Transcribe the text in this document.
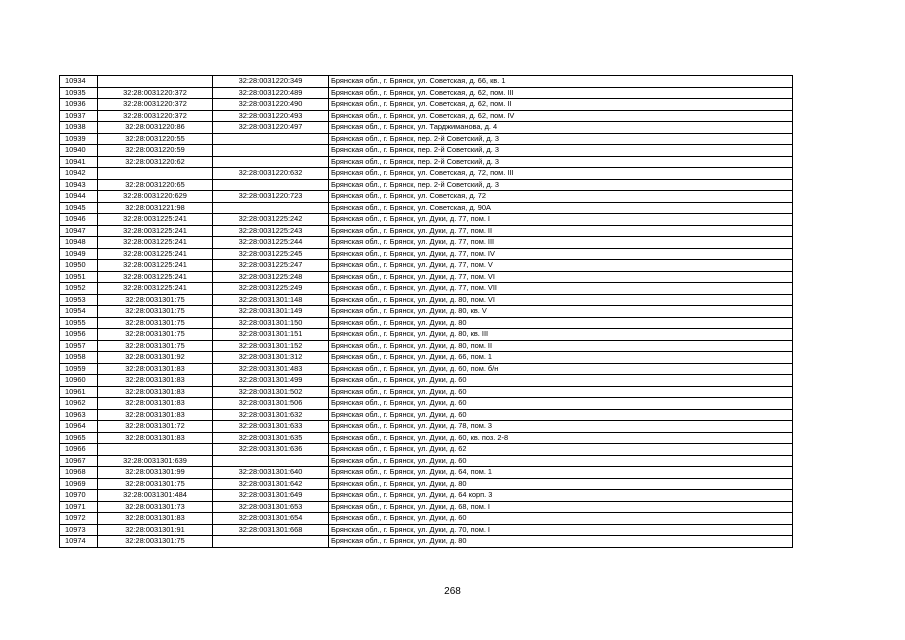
10934		32:28:0031220:349	Брянская обл., г. Брянск, ул. Советская, д. 66, кв. 1
10935	32:28:0031220:372	32:28:0031220:489	Брянская обл., г. Брянск, ул. Советская, д. 62, пом. III
10936	32:28:0031220:372	32:28:0031220:490	Брянская обл., г. Брянск, ул. Советская, д. 62, пом. II
10937	32:28:0031220:372	32:28:0031220:493	Брянская обл., г. Брянск, ул. Советская, д. 62, пом. IV
10938	32:28:0031220:86	32:28:0031220:497	Брянская обл., г. Брянск, ул. Тарджиманова, д. 4
10939	32:28:0031220:55		Брянская обл., г. Брянск, пер. 2-й Советский, д. 3
10940	32:28:0031220:59		Брянская обл., г. Брянск, пер. 2-й Советский, д. 3
10941	32:28:0031220:62		Брянская обл., г. Брянск, пер. 2-й Советский, д. 3
10942		32:28:0031220:632	Брянская обл., г. Брянск, ул. Советская, д. 72, пом. III
10943	32:28:0031220:65		Брянская обл., г. Брянск, пер. 2-й Советский, д. 3
10944	32:28:0031220:629	32:28:0031220:723	Брянская обл., г. Брянск, ул. Советская, д. 72
10945	32:28:0031221:98		Брянская обл., г. Брянск, ул. Советская, д. 90А
10946	32:28:0031225:241	32:28:0031225:242	Брянская обл., г. Брянск, ул. Дуки, д. 77, пом. I
10947	32:28:0031225:241	32:28:0031225:243	Брянская обл., г. Брянск, ул. Дуки, д. 77, пом. II
10948	32:28:0031225:241	32:28:0031225:244	Брянская обл., г. Брянск, ул. Дуки, д. 77, пом. III
10949	32:28:0031225:241	32:28:0031225:245	Брянская обл., г. Брянск, ул. Дуки, д. 77, пом. IV
10950	32:28:0031225:241	32:28:0031225:247	Брянская обл., г. Брянск, ул. Дуки, д. 77, пом. V
10951	32:28:0031225:241	32:28:0031225:248	Брянская обл., г. Брянск, ул. Дуки, д. 77, пом. VI
10952	32:28:0031225:241	32:28:0031225:249	Брянская обл., г. Брянск, ул. Дуки, д. 77, пом. VII
10953	32:28:0031301:75	32:28:0031301:148	Брянская обл., г. Брянск, ул. Дуки, д. 80, пом. VI
10954	32:28:0031301:75	32:28:0031301:149	Брянская обл., г. Брянск, ул. Дуки, д. 80, кв. V
10955	32:28:0031301:75	32:28:0031301:150	Брянская обл., г. Брянск, ул. Дуки, д. 80
10956	32:28:0031301:75	32:28:0031301:151	Брянская обл., г. Брянск, ул. Дуки, д. 80, кв. III
10957	32:28:0031301:75	32:28:0031301:152	Брянская обл., г. Брянск, ул. Дуки, д. 80, пом. II
10958	32:28:0031301:92	32:28:0031301:312	Брянская обл., г. Брянск, ул. Дуки, д. 66, пом. 1
10959	32:28:0031301:83	32:28:0031301:483	Брянская обл., г. Брянск, ул. Дуки, д. 60, пом. б/н
10960	32:28:0031301:83	32:28:0031301:499	Брянская обл., г. Брянск, ул. Дуки, д. 60
10961	32:28:0031301:83	32:28:0031301:502	Брянская обл., г. Брянск, ул. Дуки, д. 60
10962	32:28:0031301:83	32:28:0031301:506	Брянская обл., г. Брянск, ул. Дуки, д. 60
10963	32:28:0031301:83	32:28:0031301:632	Брянская обл., г. Брянск, ул. Дуки, д. 60
10964	32:28:0031301:72	32:28:0031301:633	Брянская обл., г. Брянск, ул. Дуки, д. 78, пом. 3
10965	32:28:0031301:83	32:28:0031301:635	Брянская обл., г. Брянск, ул. Дуки, д. 60, кв. поз. 2-8
10966		32:28:0031301:636	Брянская обл., г. Брянск, ул. Дуки, д. 62
10967	32:28:0031301:639		Брянская обл., г. Брянск, ул. Дуки, д. 60
10968	32:28:0031301:99	32:28:0031301:640	Брянская обл., г. Брянск, ул. Дуки, д. 64, пом. 1
10969	32:28:0031301:75	32:28:0031301:642	Брянская обл., г. Брянск, ул. Дуки, д. 80
10970	32:28:0031301:484	32:28:0031301:649	Брянская обл., г. Брянск, ул. Дуки, д. 64 корп. 3
10971	32:28:0031301:73	32:28:0031301:653	Брянская обл., г. Брянск, ул. Дуки, д. 68, пом. I
10972	32:28:0031301:83	32:28:0031301:654	Брянская обл., г. Брянск, ул. Дуки, д. 60
10973	32:28:0031301:91	32:28:0031301:668	Брянская обл., г. Брянск, ул. Дуки, д. 70, пом. I
10974	32:28:0031301:75		Брянская обл., г. Брянск, ул. Дуки, д. 80
268
